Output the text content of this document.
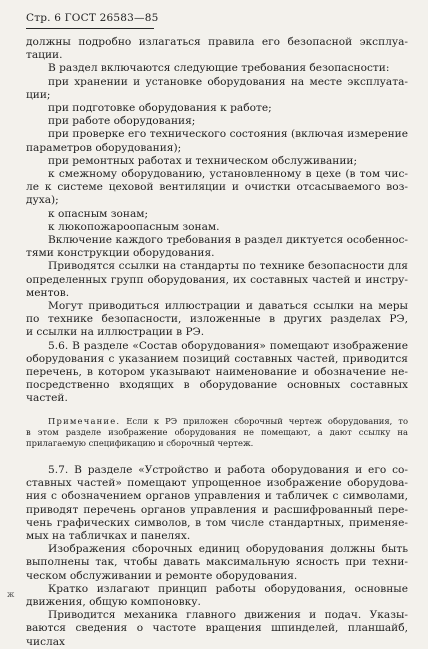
Стр. 6 ГОСТ 26583—85
должны подробно излагаться правила его безопасной эксплуа-
тации.
В раздел включаются следующие требования безопасности:
при хранении и установке оборудования на месте эксплуата-
ции;
при подготовке оборудования к работе;
при работе оборудования;
при проверке его технического состояния (включая измерение
параметров оборудования);
при ремонтных работах и техническом обслуживании;
к смежному оборудованию, установленному в цехе (в том чис-
ле к системе цеховой вентиляции и очистки отсасываемого воз-
духа);
к опасным зонам;
к люкопожароопасным зонам.
Включение каждого требования в раздел диктуется особеннос-
тями конструкции оборудования.
Приводятся ссылки на стандарты по технике безопасности для
определенных групп оборудования, их составных частей и инстру-
ментов.
Могут приводиться иллюстрации и даваться ссылки на меры
по технике безопасности, изложенные в других разделах РЭ,
и ссылки на иллюстрации в РЭ.
5.6. В разделе «Состав оборудования» помещают изображение
оборудования с указанием позиций составных частей, приводится
перечень, в котором указывают наименование и обозначение не-
посредственно входящих в оборудование основных составных
частей.
Примечание. Если к РЭ приложен сборочный чертеж оборудования, то
в этом разделе изображение оборудования не помещают, а дают ссылку на
прилагаемую спецификацию и сборочный чертеж.
5.7. В разделе «Устройство и работа оборудования и его со-
ставных частей» помещают упрощенное изображение оборудова-
ния с обозначением органов управления и табличек с символами,
приводят перечень органов управления и расшифрованный пере-
чень графических символов, в том числе стандартных, применяе-
мых на табличках и панелях.
Изображения сборочных единиц оборудования должны быть
выполнены так, чтобы давать максимальную ясность при техни-
ческом обслуживании и ремонте оборудования.
Кратко излагают принцип работы оборудования, основные
движения, общую компоновку.
Приводится механика главного движения и подач. Указы-
ваются сведения о частоте вращения шпинделей, планшайб, числах
ж
